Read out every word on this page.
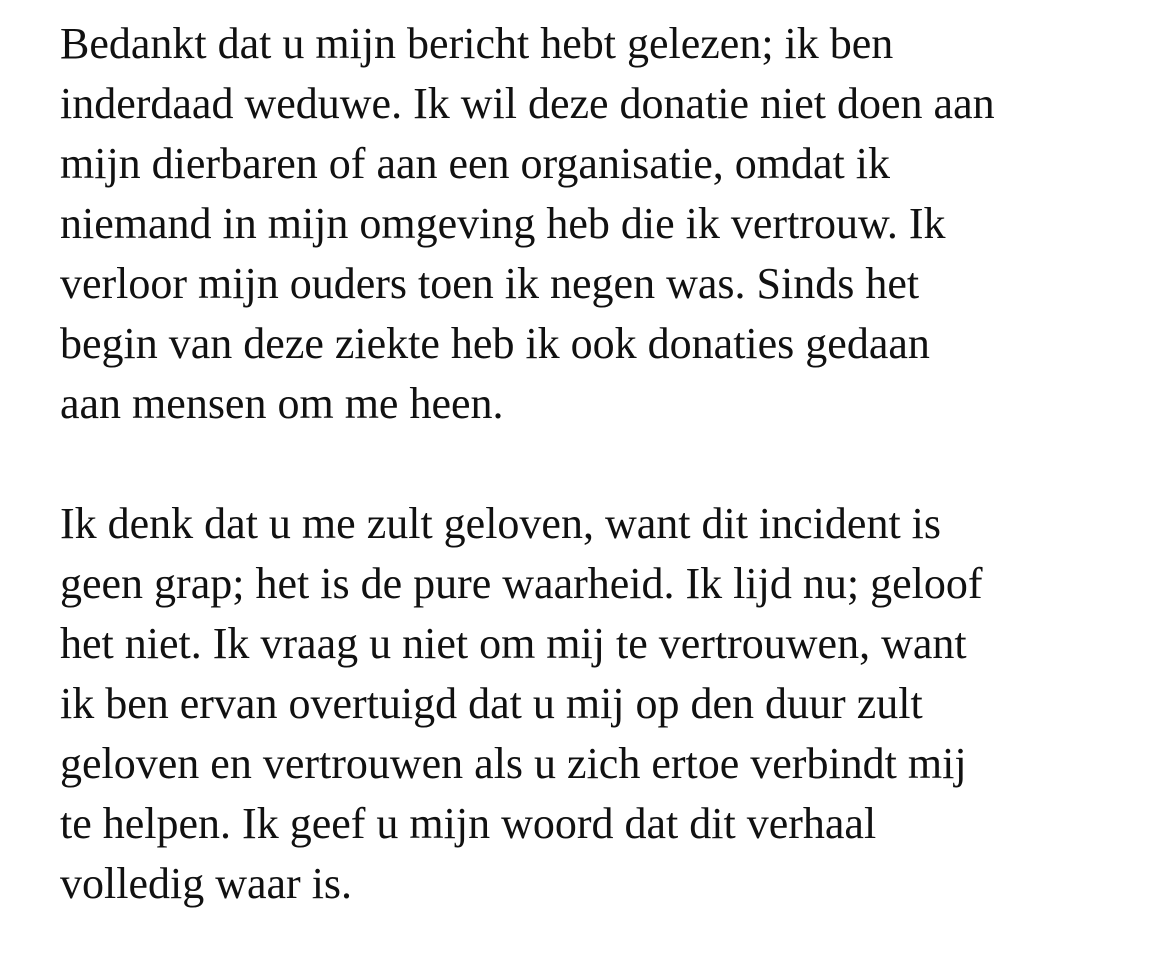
Bedankt dat u mijn bericht hebt gelezen; ik ben
inderdaad weduwe. Ik wil deze donatie niet doen aan
mijn dierbaren of aan een organisatie, omdat ik
niemand in mijn omgeving heb die ik vertrouw. Ik
verloor mijn ouders toen ik negen was. Sinds het
begin van deze ziekte heb ik ook donaties gedaan
aan mensen om me heen.

Ik denk dat u me zult geloven, want dit incident is
geen grap; het is de pure waarheid. Ik lijd nu; geloof
het niet. Ik vraag u niet om mij te vertrouwen, want
ik ben ervan overtuigd dat u mij op den duur zult
geloven en vertrouwen als u zich ertoe verbindt mij
te helpen. Ik geef u mijn woord dat dit verhaal
volledig waar is.
